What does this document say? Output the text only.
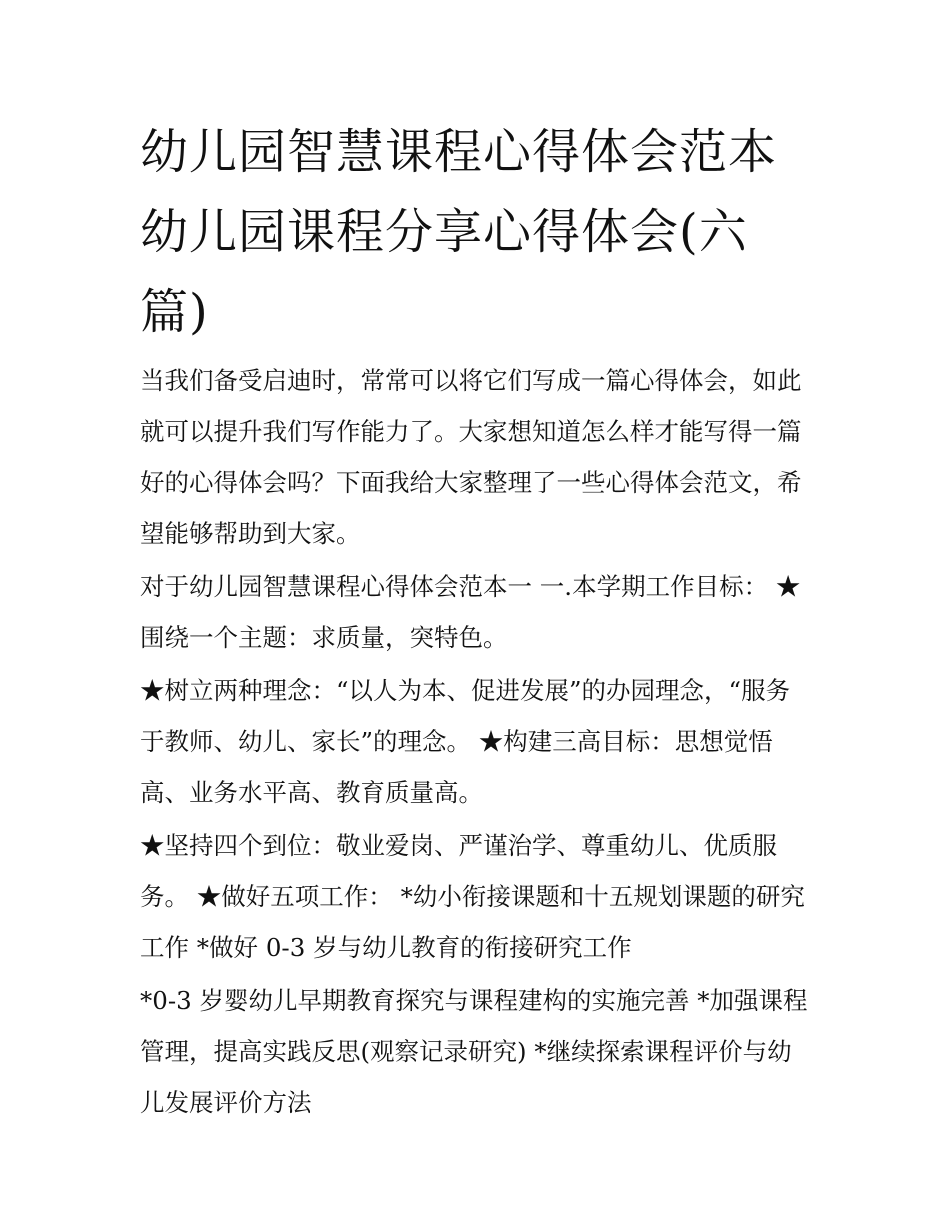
幼儿园智慧课程心得体会范本
幼儿园课程分享心得体会(六
篇)

当我们备受启迪时，常常可以将它们写成一篇心得体会，如此
就可以提升我们写作能力了。大家想知道怎么样才能写得一篇
好的心得体会吗？下面我给大家整理了一些心得体会范文，希
望能够帮助到大家。

对于幼儿园智慧课程心得体会范本一 一.本学期工作目标： ★
围绕一个主题：求质量，突特色。

★树立两种理念：“以人为本、促进发展”的办园理念，“服务
于教师、幼儿、家长”的理念。 ★构建三高目标：思想觉悟
高、业务水平高、教育质量高。

★坚持四个到位：敬业爱岗、严谨治学、尊重幼儿、优质服
务。 ★做好五项工作： *幼小衔接课题和十五规划课题的研究
工作 *做好 0-3 岁与幼儿教育的衔接研究工作

*0-3 岁婴幼儿早期教育探究与课程建构的实施完善 *加强课程
管理，提高实践反思(观察记录研究) *继续探索课程评价与幼
儿发展评价方法
